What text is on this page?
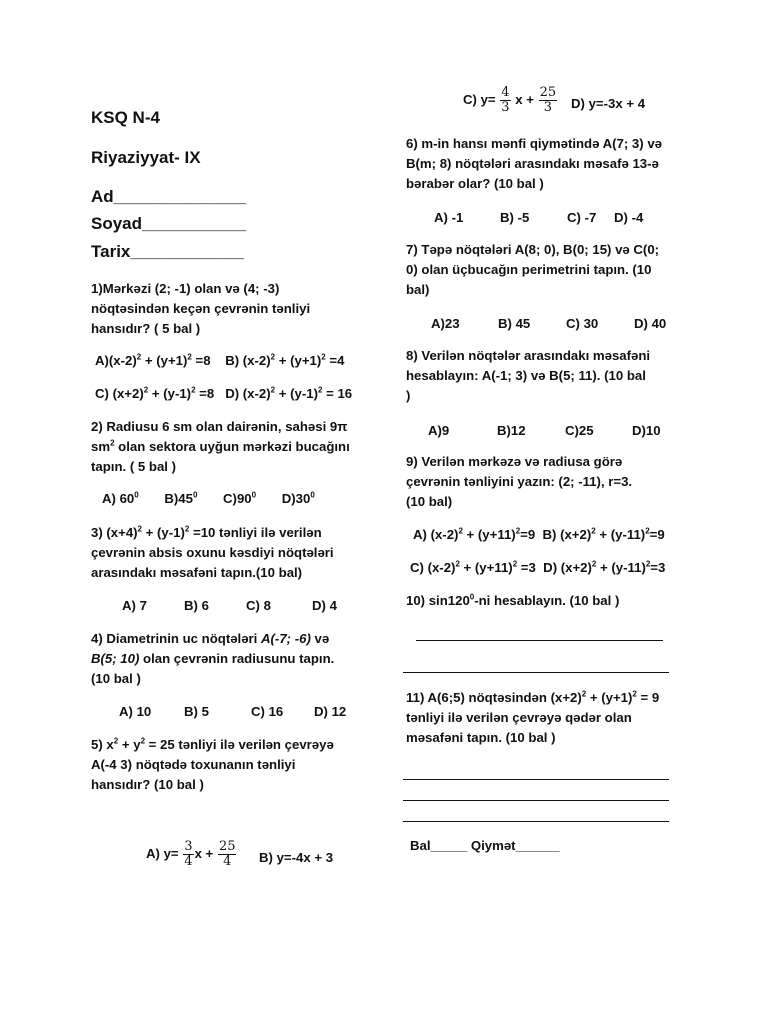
KSQ N-4
Riyaziyyat- IX
Ad______________
Soyad___________
Tarix____________
1)Mərkəzi (2; -1) olan və (4; -3)
nöqtəsindən keçən çevrənin tənliyi
hansıdır? ( 5 bal )
$A)(x-2)^2 + (y+1)^2 =8$    B) $(x-2)^2 + (y+1)^2 =4$
C) $(x+2)^2 + (y-1)^2 =8$   D) $(x-2)^2 + (y-1)^2 = 16$
2) Radiusu 6 sm olan dairənin, sahəsi 9π
$sm^2$ olan sektora uyğun mərkəzi bucağını
tapın. ( 5 bal )
A) $60^0$       $B)45^0$       $C)90^0$       $D)30^0$
3) $(x+4)^2 + (y-1)^2 =10$ tənliyi ilə verilən
çevrənin absis oxunu kəsdiyi nöqtələri
arasındakı məsafəni tapın.(10 bal)
A) 7	B) 6	C) 8	D) 4
4) Diametrinin uc nöqtələri A(-7; -6) və
B(5; 10) olan çevrənin radiusunu tapın.
(10 bal )
A) 10 B) 5	C) 16 D) 12
5) $x^2 + y^2 = 25$ tənliyi ilə verilən çevrəyə
A(-4 3) nöqtədə toxunanın tənliyi
hansıdır? (10 bal )
A) $y= \frac{3}{4}$ $x + \frac{25}{4} B$) y=-4x + 3
C) $y= \frac{4}{3}$ $x + \frac{25}{3} D$) y=-3x + 4
6) m-in hansı mənfi qiymətində A(7; 3) və
B(m; 8) nöqtələri arasındakı məsafə 13-ə
bərabər olar? (10 bal )
A) -1	B) -5	C) -7 D) -4
7) Təpə nöqtələri A(8; 0), B(0; 15) və C(0;
0) olan üçbucağın perimetrini tapın. (10
bal)
A)23	B) 45	C) 30	D) 40
8) Verilən nöqtələr arasındakı məsafəni
hesablayın: A(-1; 3) və B(5; 11). (10 bal
)
A)9	B)12	C)25	D)10
9) Verilən mərkəzə və radiusa görə
çevrənin tənliyini yazın: (2; -11), r=3.
(10 bal)
A) $(x-2)^2 + (y+11)^2=9$  B) $(x+2)^2 + (y-11)^2=9$
C) $(x-2)^2 + (y+11)^2 =3$  D) $(x+2)^2 + (y-11)^2=3$
10) $\sin 120^0-ni$ hesablayın. (10 bal )
11) A(6;5) nöqtəsindən $(x+2)^2 + (y+1)^2 = 9$
tənliyi ilə verilən çevrəyə qədər olan
məsafəni tapın. (10 bal )
Bal_____ Qiymət______
